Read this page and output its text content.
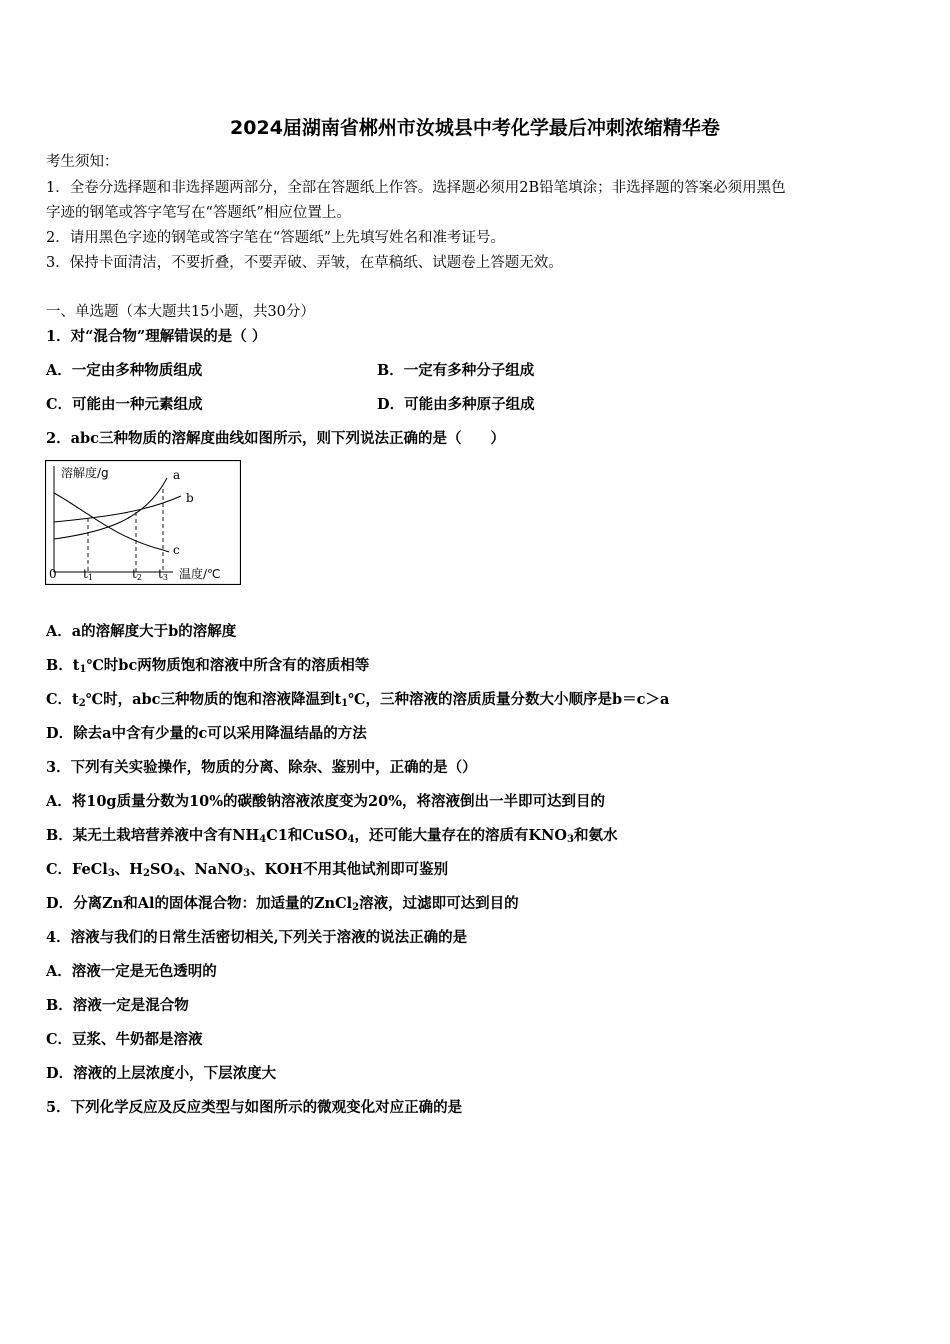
2024届湖南省郴州市汝城县中考化学最后冲刺浓缩精华卷
考生须知：
1．全卷分选择题和非选择题两部分，全部在答题纸上作答。选择题必须用2B铅笔填涂；非选择题的答案必须用黑色
字迹的钢笔或答字笔写在“答题纸”相应位置上。
2．请用黑色字迹的钢笔或答字笔在“答题纸”上先填写姓名和准考证号。
3．保持卡面清洁，不要折叠，不要弄破、弄皱，在草稿纸、试题卷上答题无效。
一、单选题（本大题共15小题，共30分）
1．对“混合物”理解错误的是（ ）
A．一定由多种物质组成	B．一定有多种分子组成
C．可能由一种元素组成	D．可能由多种原子组成
2．abc三种物质的溶解度曲线如图所示，则下列说法正确的是（　　）
溶解度∕g	a
b
c
0 t1	t2 t3 温度∕℃
A．a的溶解度大于b的溶解度
B．$t_1℃$时bc两物质饱和溶液中所含有的溶质相等
C．$t_2℃$时，abc三种物质的饱和溶液降温到$t_1℃$，三种溶液的溶质质量分数大小顺序是b＝c＞a
D．除去a中含有少量的c可以采用降温结晶的方法
3．下列有关实验操作，物质的分离、除杂、鉴别中，正确的是（）
A．将10g质量分数为10%的碳酸钠溶液浓度变为20%，将溶液倒出一半即可达到目的
B．某无土栽培营养液中含有$NH_4C1$和CuSO$_4$，还可能大量存在的溶质有$KNO_3$和氨水
C．FeCl$_3$、$H_2SO_4$、NaNO$_3$、KOH不用其他试剂即可鉴别
D．分离Zn和Al的固体混合物：加适量的ZnCl$_2$溶液，过滤即可达到目的
4．溶液与我们的日常生活密切相关,下列关于溶液的说法正确的是
A．溶液一定是无色透明的
B．溶液一定是混合物
C．豆浆、牛奶都是溶液
D．溶液的上层浓度小，下层浓度大
5．下列化学反应及反应类型与如图所示的微观变化对应正确的是
